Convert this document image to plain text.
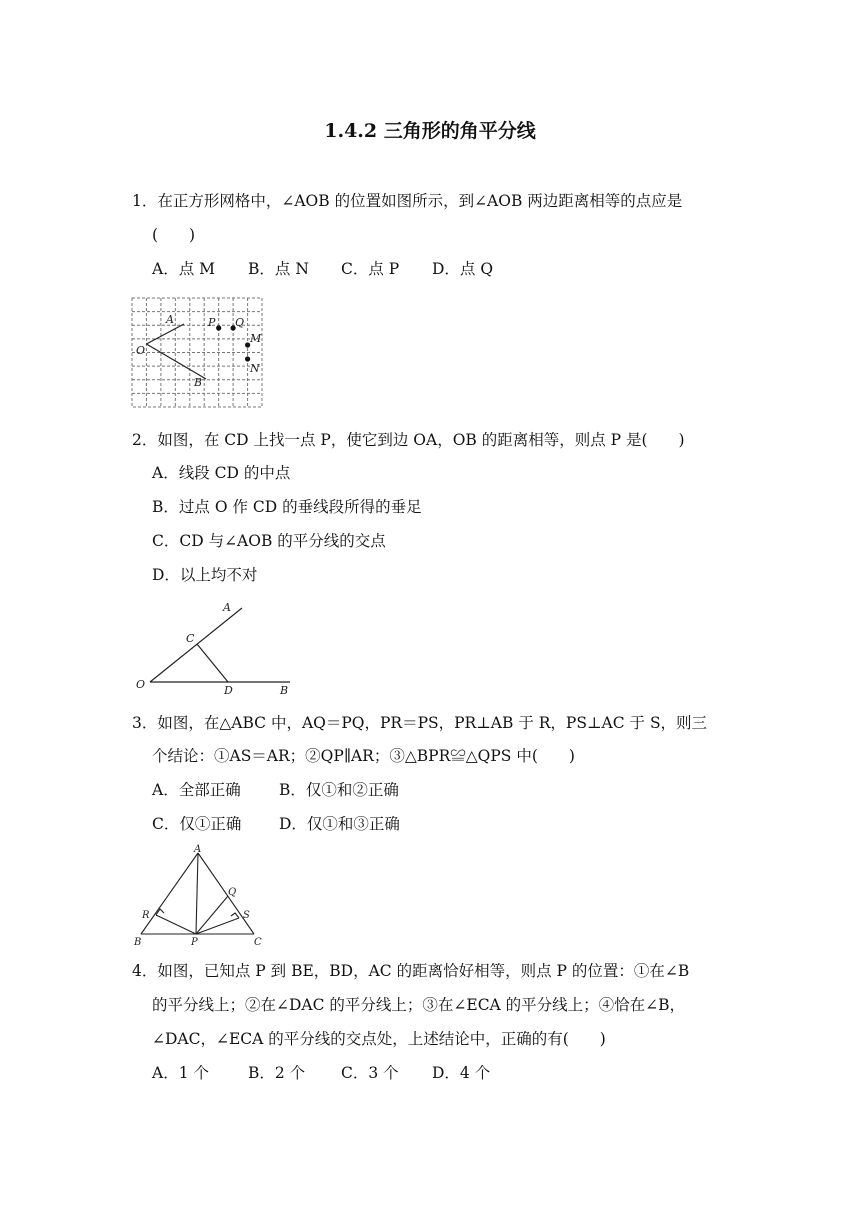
1.4.2 三角形的角平分线
1．在正方形网格中，∠AOB 的位置如图所示，到∠AOB 两边距离相等的点应是
(　　)
A．点 M B．点 N C．点 P D．点 Q
A	P Q
M
O
N
B
2．如图，在 CD 上找一点 P，使它到边 OA，OB 的距离相等，则点 P 是(　　)
A．线段 CD 的中点
B．过点 O 作 CD 的垂线段所得的垂足
C．CD 与∠AOB 的平分线的交点
D．以上均不对
A
C
O	D	B
3．如图，在△ABC 中，AQ＝PQ，PR＝PS，PR⊥AB 于 R，PS⊥AC 于 S，则三
个结论：①AS＝AR；②QP∥AR；③△BPR≌△QPS 中(　　)
A．全部正确 B．仅①和②正确
C．仅①正确 D．仅①和③正确
A
Q
R	S
B	P	C
4．如图，已知点 P 到 BE，BD，AC 的距离恰好相等，则点 P 的位置：①在∠B
的平分线上；②在∠DAC 的平分线上；③在∠ECA 的平分线上；④恰在∠B，
∠DAC，∠ECA 的平分线的交点处，上述结论中，正确的有(　　)
A．1 个	B．2 个 C．3 个 D．4 个
